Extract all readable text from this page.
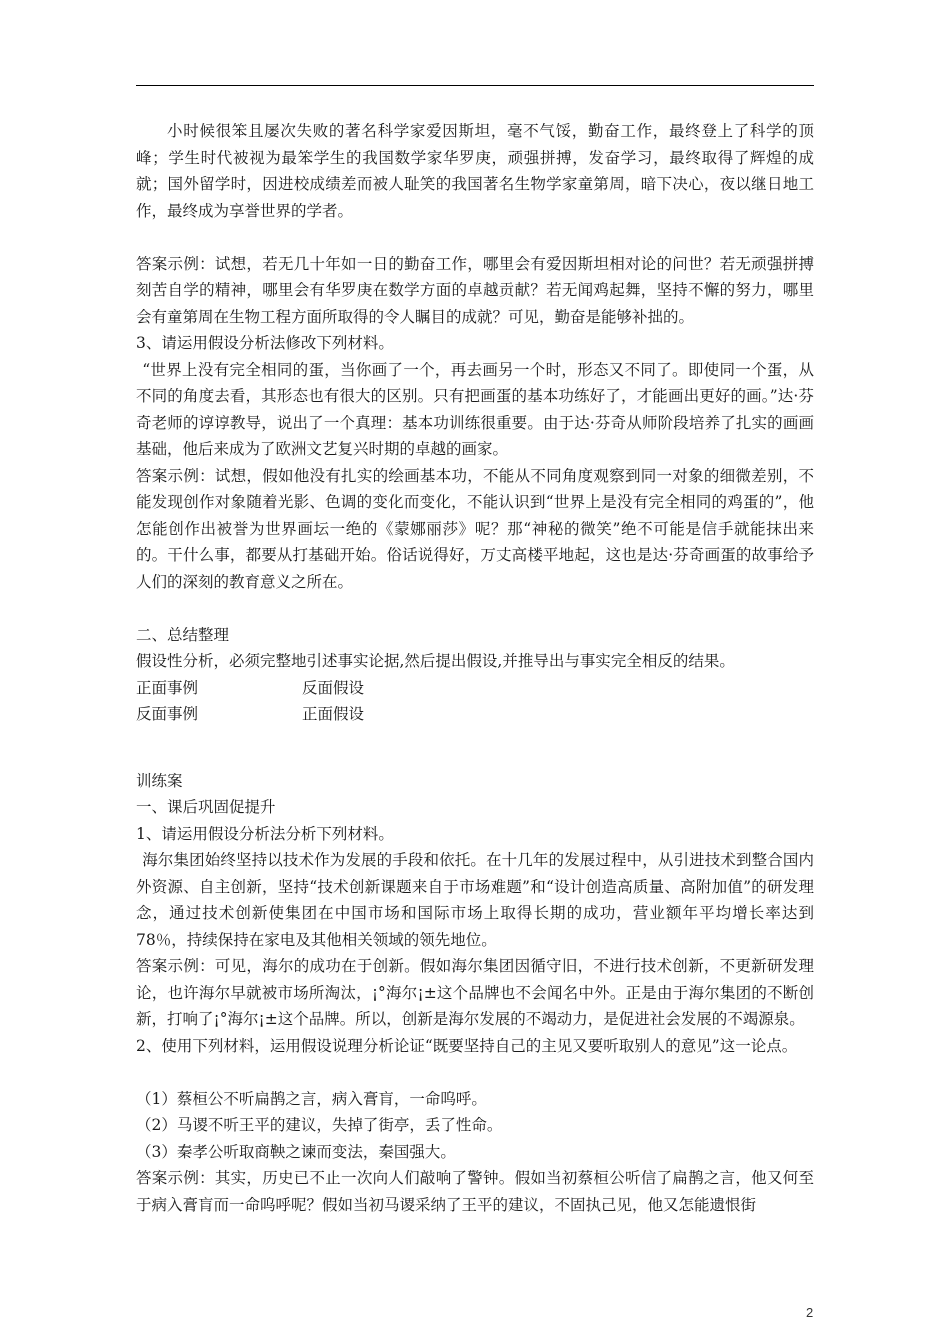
小时候很笨且屡次失败的著名科学家爱因斯坦，毫不气馁，勤奋工作，最终登上了科学的顶峰；学生时代被视为最笨学生的我国数学家华罗庚，顽强拼搏，发奋学习，最终取得了辉煌的成就；国外留学时，因进校成绩差而被人耻笑的我国著名生物学家童第周，暗下决心，夜以继日地工作，最终成为享誉世界的学者。

答案示例：试想，若无几十年如一日的勤奋工作，哪里会有爱因斯坦相对论的问世？若无顽强拼搏刻苦自学的精神，哪里会有华罗庚在数学方面的卓越贡献？若无闻鸡起舞，坚持不懈的努力，哪里会有童第周在生物工程方面所取得的令人瞩目的成就？可见，勤奋是能够补拙的。

3、请运用假设分析法修改下列材料。

“世界上没有完全相同的蛋，当你画了一个，再去画另一个时，形态又不同了。即使同一个蛋，从不同的角度去看，其形态也有很大的区别。只有把画蛋的基本功练好了，才能画出更好的画。”达·芬奇老师的谆谆教导，说出了一个真理：基本功训练很重要。由于达·芬奇从师阶段培养了扎实的画画基础，他后来成为了欧洲文艺复兴时期的卓越的画家。

答案示例：试想，假如他没有扎实的绘画基本功，不能从不同角度观察到同一对象的细微差别，不能发现创作对象随着光影、色调的变化而变化，不能认识到“世界上是没有完全相同的鸡蛋的”，他怎能创作出被誉为世界画坛一绝的《蒙娜丽莎》呢？那“神秘的微笑”绝不可能是信手就能抹出来的。干什么事，都要从打基础开始。俗话说得好，万丈高楼平地起，这也是达·芬奇画蛋的故事给予人们的深刻的教育意义之所在。

二、总结整理

假设性分析，必须完整地引述事实论据,然后提出假设,并推导出与事实完全相反的结果。

正面事例	反面假设
反面事例	正面假设

训练案

一、课后巩固促提升

1、请运用假设分析法分析下列材料。

海尔集团始终坚持以技术作为发展的手段和依托。在十几年的发展过程中，从引进技术到整合国内外资源、自主创新，坚持“技术创新课题来自于市场难题”和“设计创造高质量、高附加值”的研发理念，通过技术创新使集团在中国市场和国际市场上取得长期的成功，营业额年平均增长率达到78％，持续保持在家电及其他相关领域的领先地位。

答案示例：可见，海尔的成功在于创新。假如海尔集团因循守旧，不进行技术创新，不更新研发理论，也许海尔早就被市场所淘汰，¡°海尔¡±这个品牌也不会闻名中外。正是由于海尔集团的不断创新，打响了¡°海尔¡±这个品牌。所以，创新是海尔发展的不竭动力，是促进社会发展的不竭源泉。

2、使用下列材料，运用假设说理分析论证“既要坚持自己的主见又要听取别人的意见”这一论点。

（1）蔡桓公不听扁鹊之言，病入膏肓，一命呜呼。

（2）马谡不听王平的建议，失掉了街亭，丢了性命。

（3）秦孝公听取商鞅之谏而变法，秦国强大。

答案示例：其实，历史已不止一次向人们敲响了警钟。假如当初蔡桓公听信了扁鹊之言，他又何至于病入膏肓而一命呜呼呢？假如当初马谡采纳了王平的建议，不固执己见，他又怎能遗恨街

2
